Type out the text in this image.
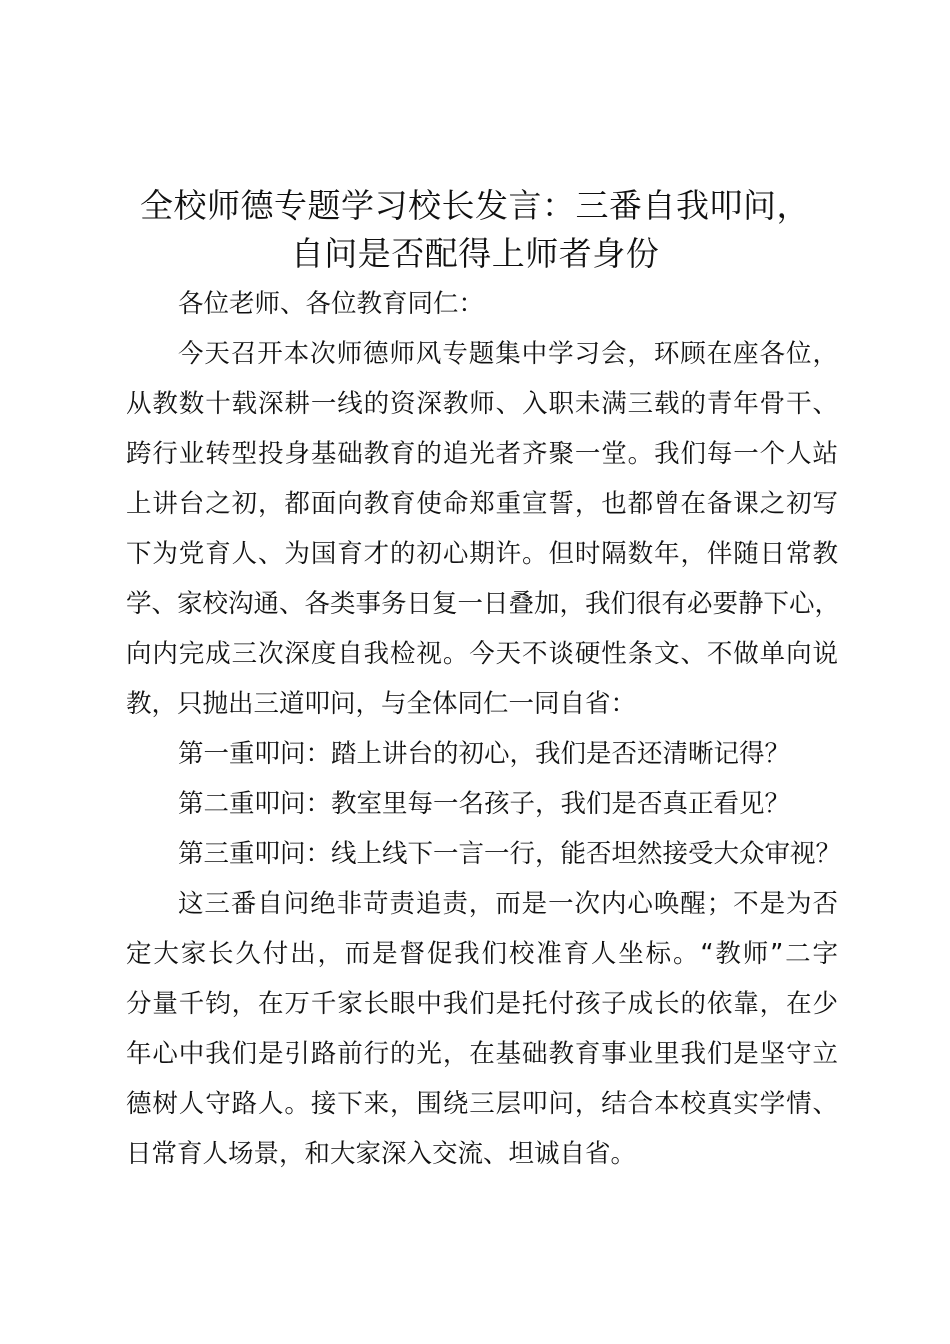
全校师德专题学习校长发言：三番自我叩问，
自问是否配得上师者身份
各位老师、各位教育同仁：
今天召开本次师德师风专题集中学习会，环顾在座各位，
从教数十载深耕一线的资深教师、入职未满三载的青年骨干、
跨行业转型投身基础教育的追光者齐聚一堂。我们每一个人站
上讲台之初，都面向教育使命郑重宣誓，也都曾在备课之初写
下为党育人、为国育才的初心期许。但时隔数年，伴随日常教
学、家校沟通、各类事务日复一日叠加，我们很有必要静下心，
向内完成三次深度自我检视。今天不谈硬性条文、不做单向说
教，只抛出三道叩问，与全体同仁一同自省：
第一重叩问：踏上讲台的初心，我们是否还清晰记得？
第二重叩问：教室里每一名孩子，我们是否真正看见？
第三重叩问：线上线下一言一行，能否坦然接受大众审视？
这三番自问绝非苛责追责，而是一次内心唤醒；不是为否
定大家长久付出，而是督促我们校准育人坐标。“教师”二字
分量千钧，在万千家长眼中我们是托付孩子成长的依靠，在少
年心中我们是引路前行的光，在基础教育事业里我们是坚守立
德树人守路人。接下来，围绕三层叩问，结合本校真实学情、
日常育人场景，和大家深入交流、坦诚自省。
